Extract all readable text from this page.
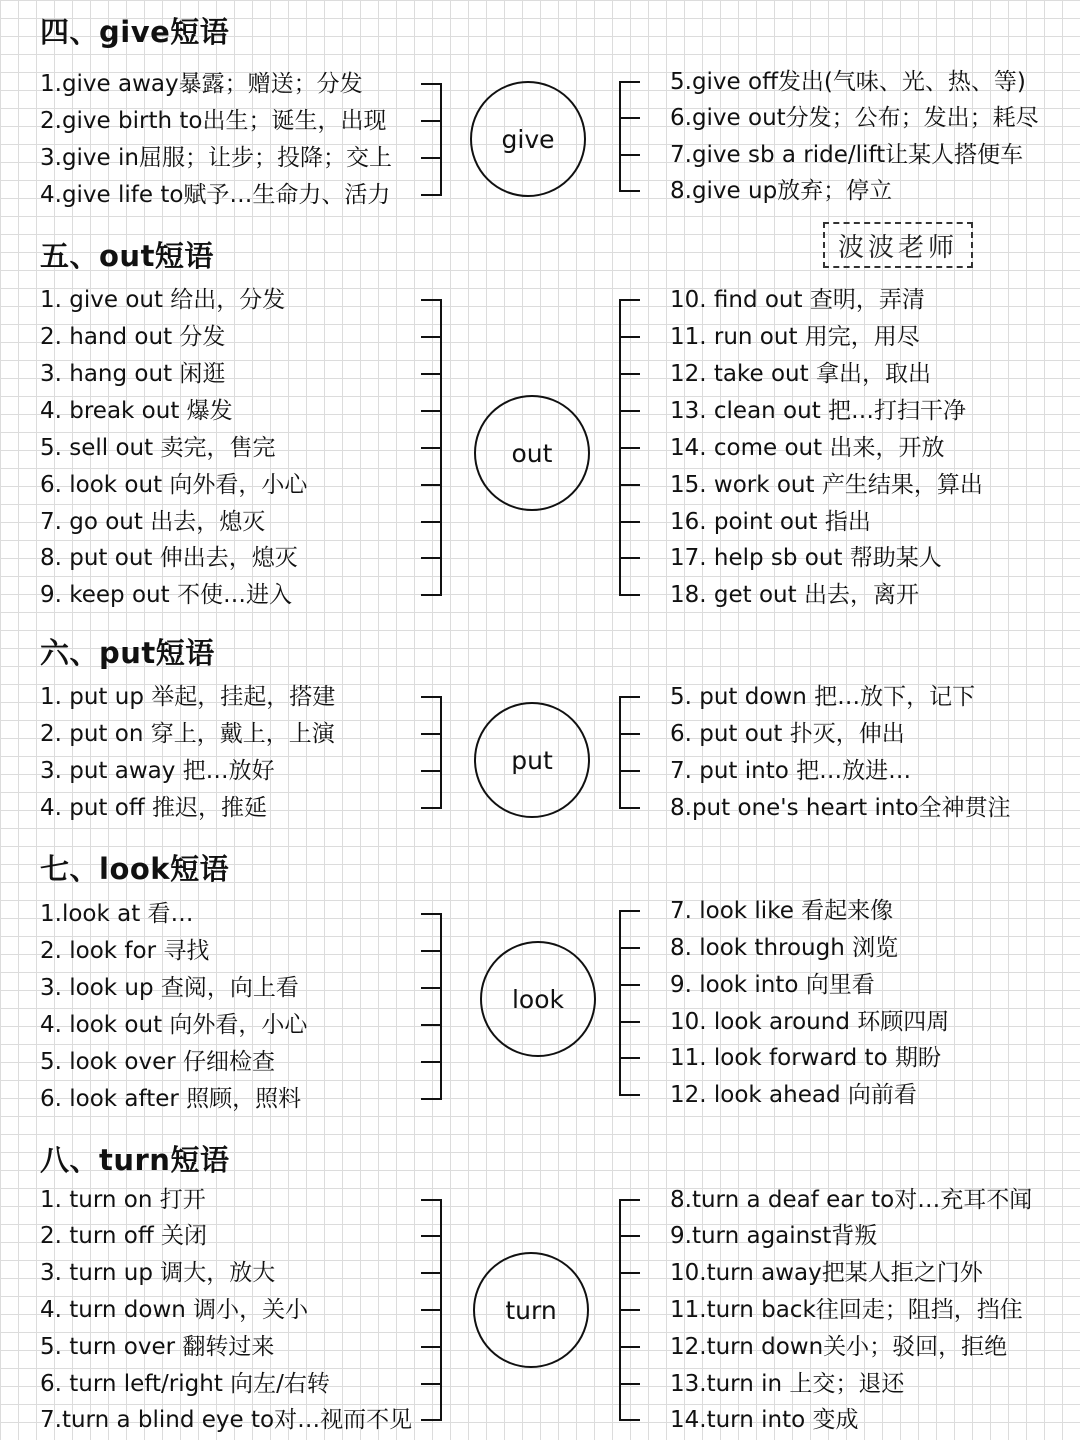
四、give短语
give
1.give away暴露；赠送；分发
2.give birth to出生；诞生，出现
3.give in屈服；让步；投降；交上
4.give life to赋予…生命力、活力
5.give off发出(气味、光、热、等)
6.give out分发；公布；发出；耗尽
7.give sb a ride/lift让某人搭便车
8.give up放弃；停立
五、out短语
out
1. give out 给出，分发
2. hand out 分发
3. hang out 闲逛
4. break out 爆发
5. sell out 卖完，售完
6. look out 向外看，小心
7. go out 出去，熄灭
8. put out 伸出去，熄灭
9. keep out 不使…进入
10. find out 查明，弄清
11. run out 用完，用尽
12. take out 拿出，取出
13. clean out 把…打扫干净
14. come out 出来，开放
15. work out 产生结果，算出
16. point out 指出
17. help sb out 帮助某人
18. get out 出去，离开
六、put短语
put
1. put up 举起，挂起，搭建
2. put on 穿上，戴上，上演
3. put away 把…放好
4. put off 推迟，推延
5. put down 把…放下，记下
6. put out 扑灭，伸出
7. put into 把…放进…
8.put one's heart into全神贯注
七、look短语
look
1.look at 看…
2. look for 寻找
3. look up 查阅，向上看
4. look out 向外看，小心
5. look over 仔细检查
6. look after 照顾，照料
7. look like 看起来像
8. look through 浏览
9. look into 向里看
10. look around 环顾四周
11. look forward to 期盼
12. look ahead 向前看
八、turn短语
turn
1. turn on 打开
2. turn off 关闭
3. turn up 调大，放大
4. turn down 调小，关小
5. turn over 翻转过来
6. turn left/right 向左/右转
7.turn a blind eye to对…视而不见
8.turn a deaf ear to对…充耳不闻
9.turn against背叛
10.turn away把某人拒之门外
11.turn back往回走；阻挡，挡住
12.turn down关小；驳回，拒绝
13.turn in 上交；退还
14.turn into 变成
波波老师
